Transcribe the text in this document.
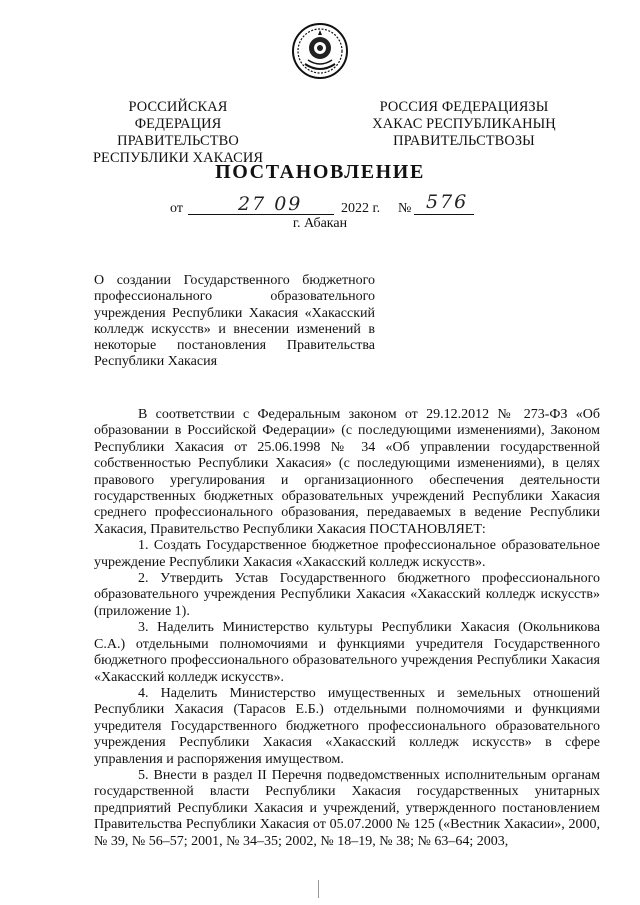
РОССИЙСКАЯ ФЕДЕРАЦИЯ
ПРАВИТЕЛЬСТВО
РЕСПУБЛИКИ ХАКАСИЯ
РОССИЯ ФЕДЕРАЦИЯЗЫ
ХАКАС РЕСПУБЛИКАНЫҢ
ПРАВИТЕЛЬСТВОЗЫ
ПОСТАНОВЛЕНИЕ
от	27 09	2022 г. № 576
г. Абакан
О создании Государственного бюджетного профессионального образовательного учреждения Республики Хакасия «Хакасский колледж искусств» и внесении изменений в некоторые постановления Правительства Республики Хакасия

В соответствии с Федеральным законом от 29.12.2012 № 273-ФЗ «Об образовании в Российской Федерации» (с последующими изменениями), Законом Республики Хакасия от 25.06.1998 № 34 «Об управлении государственной собственностью Республики Хакасия» (с последующими изменениями), в целях правового урегулирования и организационного обеспечения деятельности государственных бюджетных образовательных учреждений Республики Хакасия среднего профессионального образования, передаваемых в ведение Республики Хакасия, Правительство Республики Хакасия ПОСТАНОВЛЯЕТ:

1. Создать Государственное бюджетное профессиональное образовательное учреждение Республики Хакасия «Хакасский колледж искусств».

2. Утвердить Устав Государственного бюджетного профессионального образовательного учреждения Республики Хакасия «Хакасский колледж искусств» (приложение 1).

3. Наделить Министерство культуры Республики Хакасия (Окольникова С.А.) отдельными полномочиями и функциями учредителя Государственного бюджетного профессионального образовательного учреждения Республики Хакасия «Хакасский колледж искусств».

4. Наделить Министерство имущественных и земельных отношений Республики Хакасия (Тарасов Е.Б.) отдельными полномочиями и функциями учредителя Государственного бюджетного профессионального образовательного учреждения Республики Хакасия «Хакасский колледж искусств» в сфере управления и распоряжения имуществом.

5. Внести в раздел II Перечня подведомственных исполнительным органам государственной власти Республики Хакасия государственных унитарных предприятий Республики Хакасия и учреждений, утвержденного постановлением Правительства Республики Хакасия от 05.07.2000 № 125 («Вестник Хакасии», 2000, № 39, № 56–57; 2001, № 34–35; 2002, № 18–19, № 38; № 63–64; 2003,
